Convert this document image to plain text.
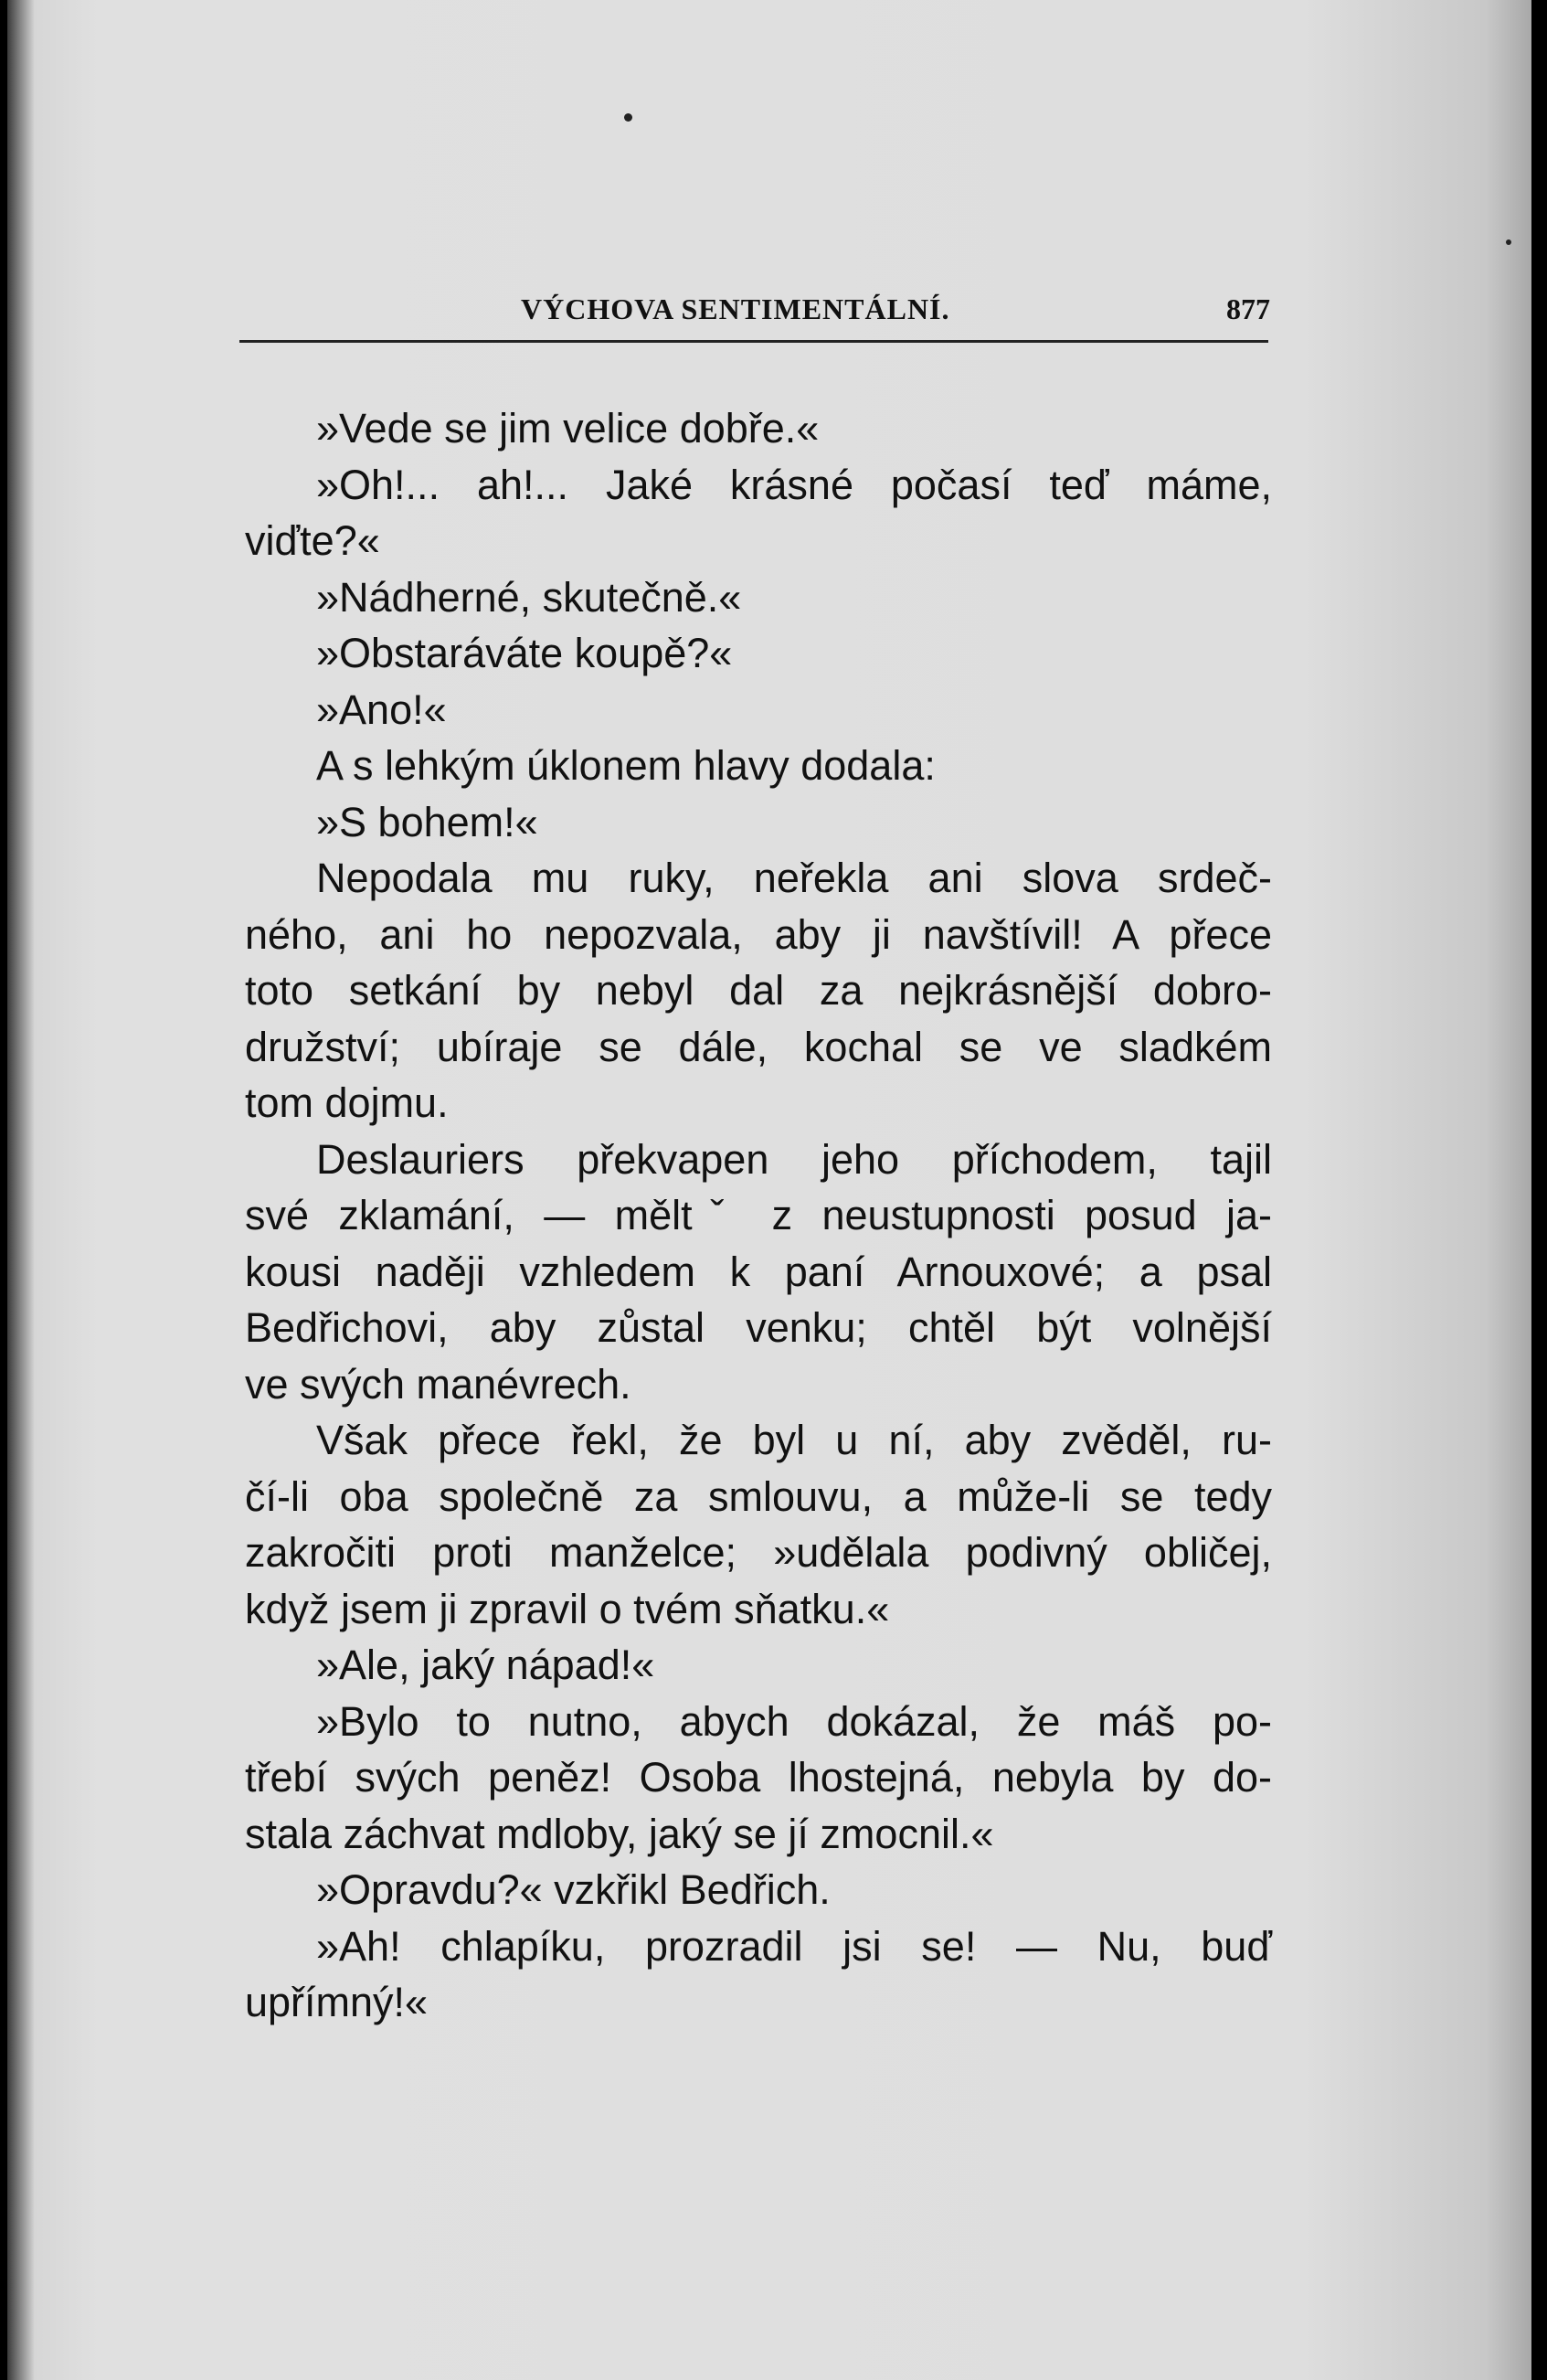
VÝCHOVA SENTIMENTÁLNÍ.	877
»Vede se jim velice dobře.«
»Oh!... ah!... Jaké krásné počasí teď máme,
viďte?«
»Nádherné, skutečně.«
»Obstaráváte koupě?«
»Ano!«
A s lehkým úklonem hlavy dodala:
»S bohem!«
Nepodala mu ruky, neřekla ani slova srdeč-
ného, ani ho nepozvala, aby ji navštívil! A přece
toto setkání by nebyl dal za nejkrásnější dobro-
družství; ubíraje se dále, kochal se ve sladkém
tom dojmu.
Deslauriers překvapen jeho příchodem, tajil
své zklamání, — měltˇ z neustupnosti posud ja-
kousi naději vzhledem k paní Arnouxové; a psal
Bedřichovi, aby zůstal venku; chtěl být volnější
ve svých manévrech.
Však přece řekl, že byl u ní, aby zvěděl, ru-
čí-li oba společně za smlouvu, a může-li se tedy
zakročiti proti manželce; »udělala podivný obličej,
když jsem ji zpravil o tvém sňatku.«
»Ale, jaký nápad!«
»Bylo to nutno, abych dokázal, že máš po-
třebí svých peněz! Osoba lhostejná, nebyla by do-
stala záchvat mdloby, jaký se jí zmocnil.«
»Opravdu?« vzkřikl Bedřich.
»Ah! chlapíku, prozradil jsi se! — Nu, buď
upřímný!«
